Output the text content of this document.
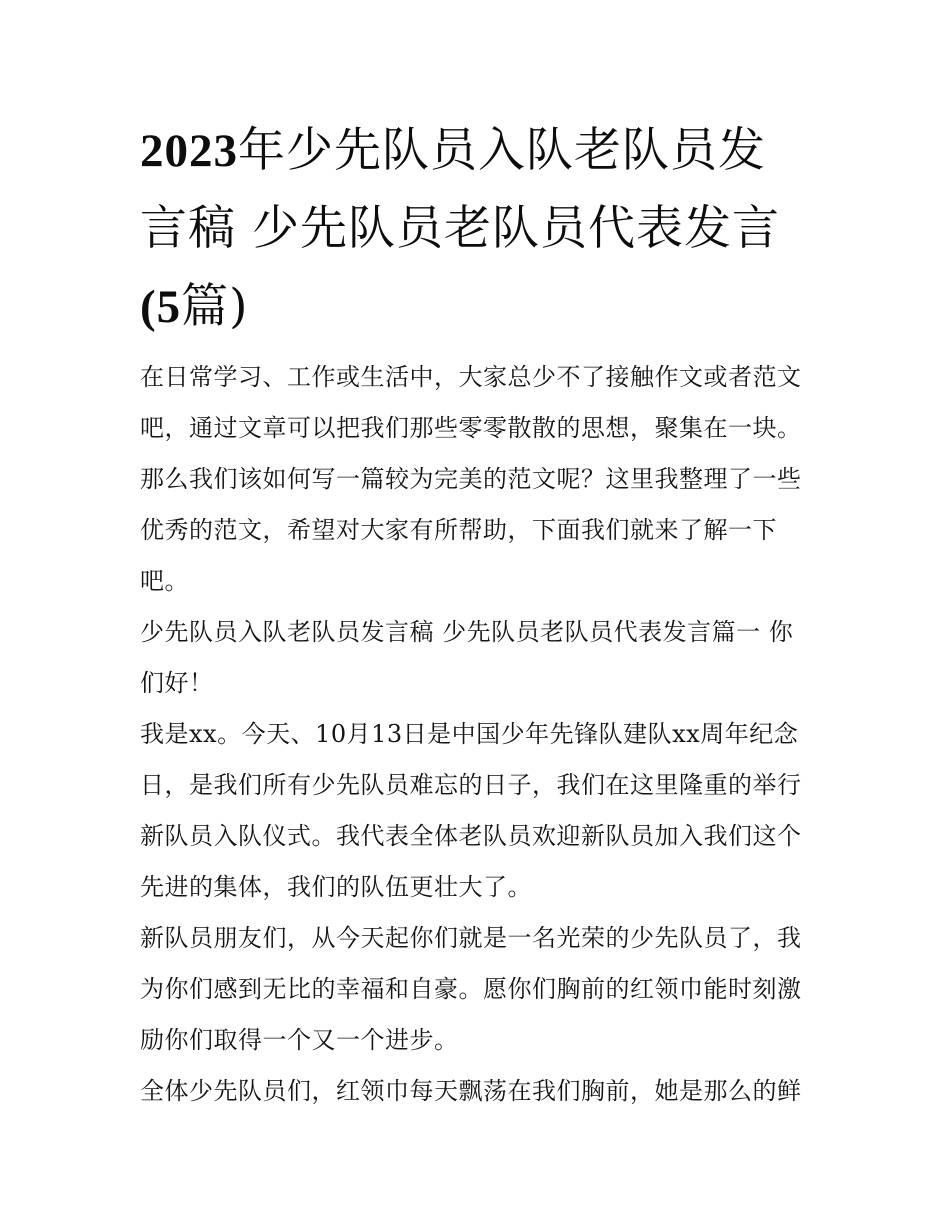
2023年少先队员入队老队员发
言稿 少先队员老队员代表发言
(5篇)

在日常学习、工作或生活中，大家总少不了接触作文或者范文吧，通过文章可以把我们那些零零散散的思想，聚集在一块。那么我们该如何写一篇较为完美的范文呢？这里我整理了一些优秀的范文，希望对大家有所帮助，下面我们就来了解一下吧。

少先队员入队老队员发言稿 少先队员老队员代表发言篇一 你们好！

我是xx。今天、10月13日是中国少年先锋队建队xx周年纪念日，是我们所有少先队员难忘的日子，我们在这里隆重的举行新队员入队仪式。我代表全体老队员欢迎新队员加入我们这个先进的集体，我们的队伍更壮大了。

新队员朋友们，从今天起你们就是一名光荣的少先队员了，我为你们感到无比的幸福和自豪。愿你们胸前的红领巾能时刻激励你们取得一个又一个进步。

全体少先队员们，红领巾每天飘荡在我们胸前，她是那么的鲜
